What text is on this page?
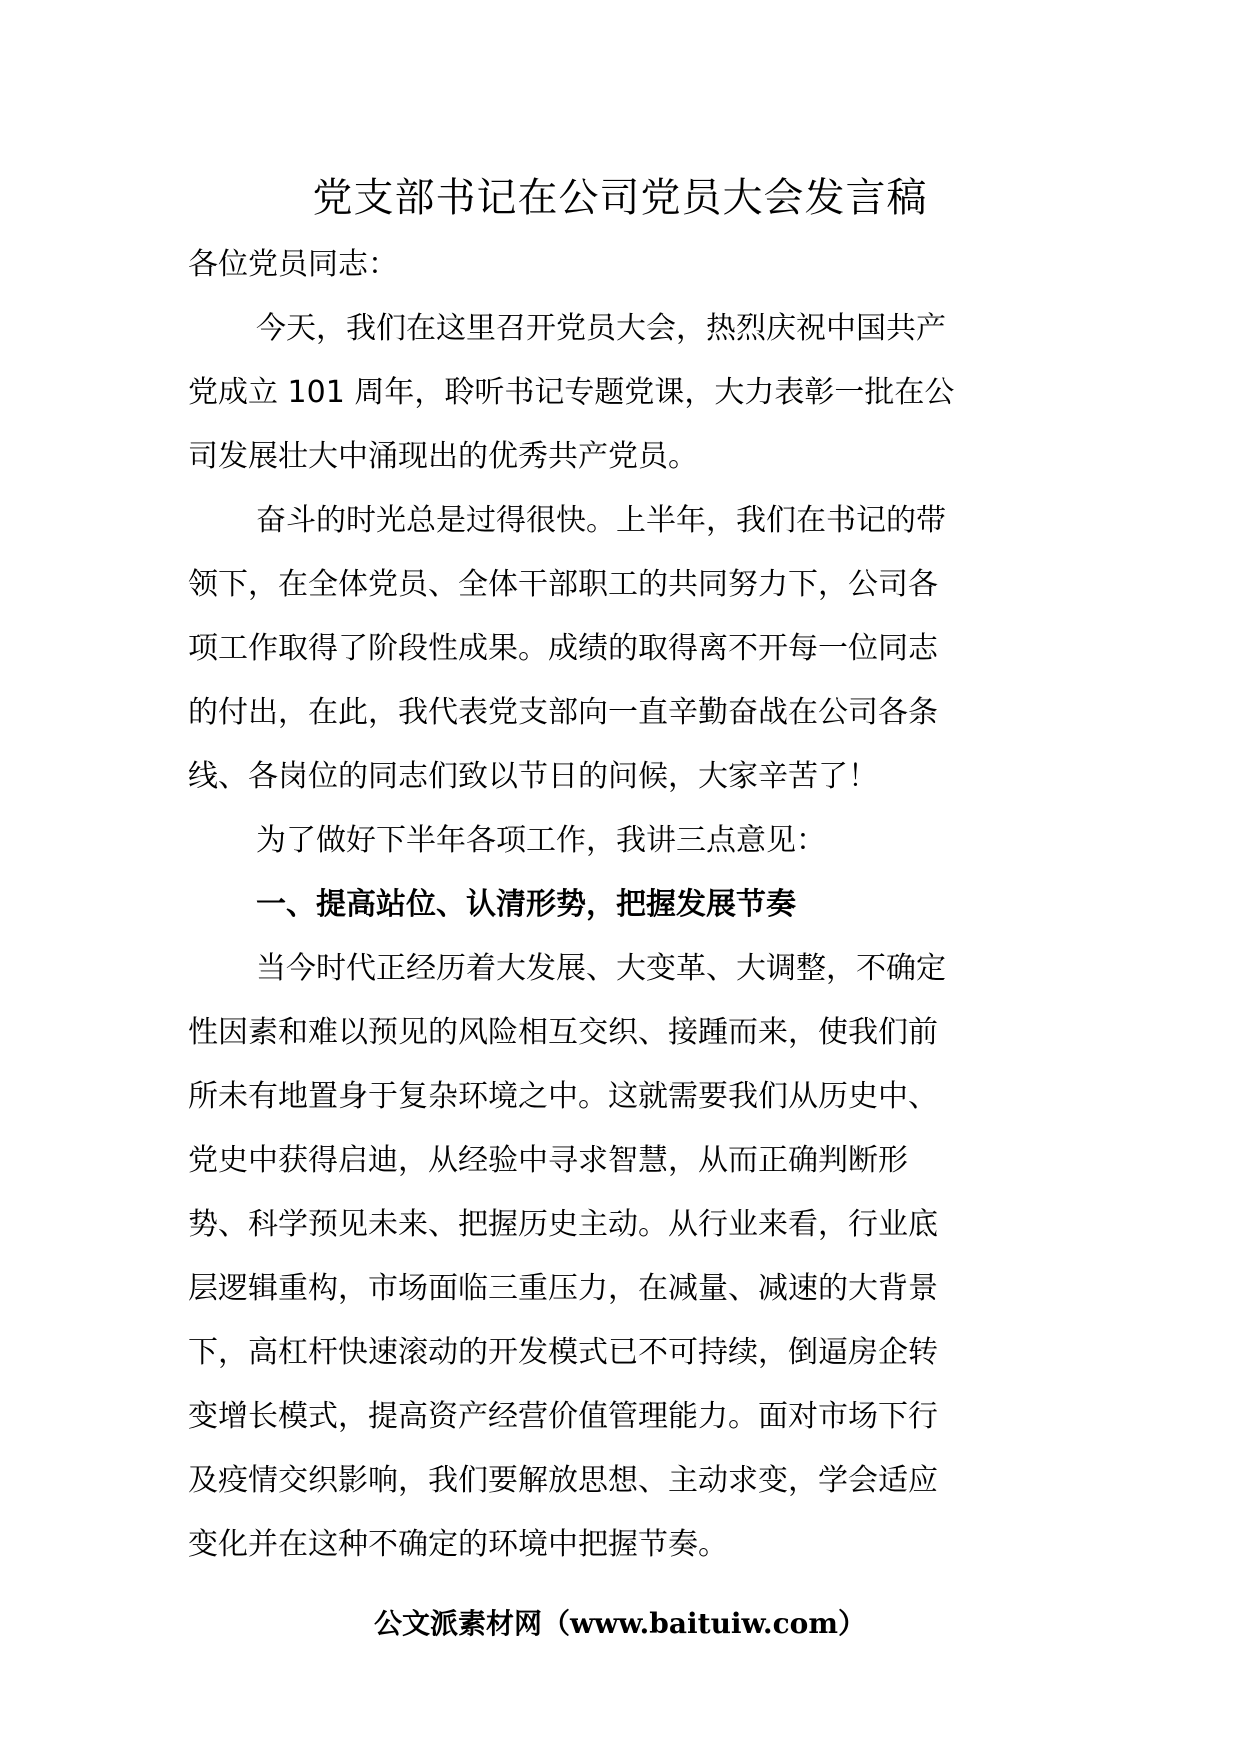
党支部书记在公司党员大会发言稿
各位党员同志：
今天，我们在这里召开党员大会，热烈庆祝中国共产
党成立 101 周年，聆听书记专题党课，大力表彰一批在公
司发展壮大中涌现出的优秀共产党员。
奋斗的时光总是过得很快。上半年，我们在书记的带
领下，在全体党员、全体干部职工的共同努力下，公司各
项工作取得了阶段性成果。成绩的取得离不开每一位同志
的付出，在此，我代表党支部向一直辛勤奋战在公司各条
线、各岗位的同志们致以节日的问候，大家辛苦了！
为了做好下半年各项工作，我讲三点意见：
一、提高站位、认清形势，把握发展节奏
当今时代正经历着大发展、大变革、大调整，不确定
性因素和难以预见的风险相互交织、接踵而来，使我们前
所未有地置身于复杂环境之中。这就需要我们从历史中、
党史中获得启迪，从经验中寻求智慧，从而正确判断形
势、科学预见未来、把握历史主动。从行业来看，行业底
层逻辑重构，市场面临三重压力，在减量、减速的大背景
下，高杠杆快速滚动的开发模式已不可持续，倒逼房企转
变增长模式，提高资产经营价值管理能力。面对市场下行
及疫情交织影响，我们要解放思想、主动求变，学会适应
变化并在这种不确定的环境中把握节奏。
公文派素材网（www.baituiw.com）
